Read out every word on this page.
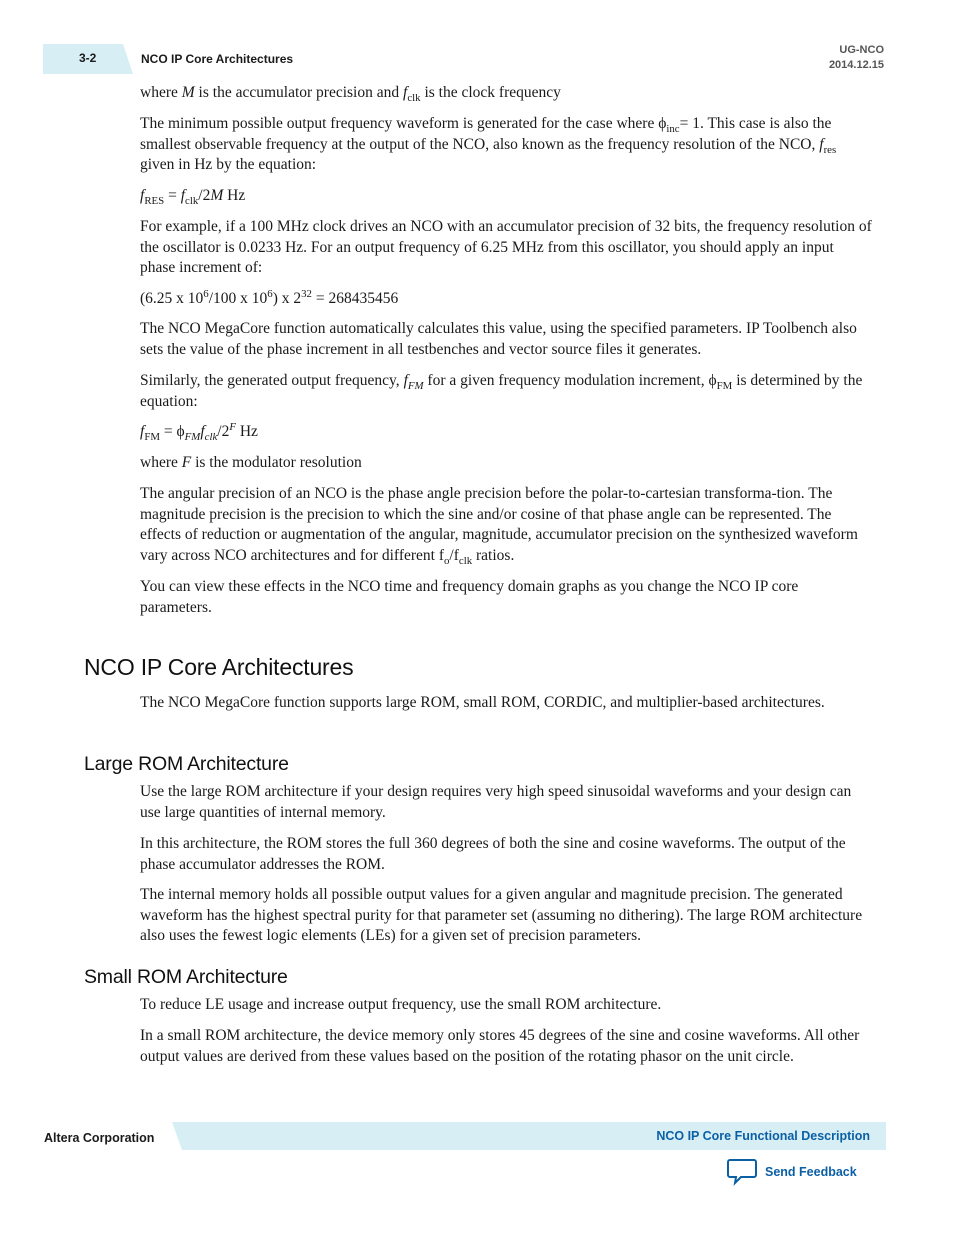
3-2	NCO IP Core Architectures
UG-NCO
2014.12.15

where M is the accumulator precision and $f_{clk}$ is the clock frequency

The minimum possible output frequency waveform is generated for the case where $\phi_{inc}= 1$. This case is also the smallest observable frequency at the output of the NCO, also known as the frequency resolution of the NCO, $f_{res}$ given in Hz by the equation:

$f_{RES} = f_{clk}/2M$ Hz

For example, if a 100 MHz clock drives an NCO with an accumulator precision of 32 bits, the frequency resolution of the oscillator is 0.0233 Hz. For an output frequency of 6.25 MHz from this oscillator, you should apply an input phase increment of:

(6.25 x $10^6/100$ x $10^6$) x $2^{32} = 268435456$

The NCO MegaCore function automatically calculates this value, using the specified parameters. IP Toolbench also sets the value of the phase increment in all testbenches and vector source files it generates.

Similarly, the generated output frequency, $f_{FM}$ for a given frequency modulation increment, $\phi_{FM}$ is determined by the equation:

$f_{FM} = \phi_{FM}f_{clk}/2^F$ Hz

where F is the modulator resolution

The angular precision of an NCO is the phase angle precision before the polar-to-cartesian transforma-tion. The magnitude precision is the precision to which the sine and/or cosine of that phase angle can be represented. The effects of reduction or augmentation of the angular, magnitude, accumulator precision on the synthesized waveform vary across NCO architectures and for different $f_o/f_{clk}$ ratios.

You can view these effects in the NCO time and frequency domain graphs as you change the NCO IP core parameters.

NCO IP Core Architectures

The NCO MegaCore function supports large ROM, small ROM, CORDIC, and multiplier-based architectures.

Large ROM Architecture

Use the large ROM architecture if your design requires very high speed sinusoidal waveforms and your design can use large quantities of internal memory.

In this architecture, the ROM stores the full 360 degrees of both the sine and cosine waveforms. The output of the phase accumulator addresses the ROM.

The internal memory holds all possible output values for a given angular and magnitude precision. The generated waveform has the highest spectral purity for that parameter set (assuming no dithering). The large ROM architecture also uses the fewest logic elements (LEs) for a given set of precision parameters.

Small ROM Architecture

To reduce LE usage and increase output frequency, use the small ROM architecture.

In a small ROM architecture, the device memory only stores 45 degrees of the sine and cosine waveforms. All other output values are derived from these values based on the position of the rotating phasor on the unit circle.

Altera Corporation	NCO IP Core Functional Description
Send Feedback
